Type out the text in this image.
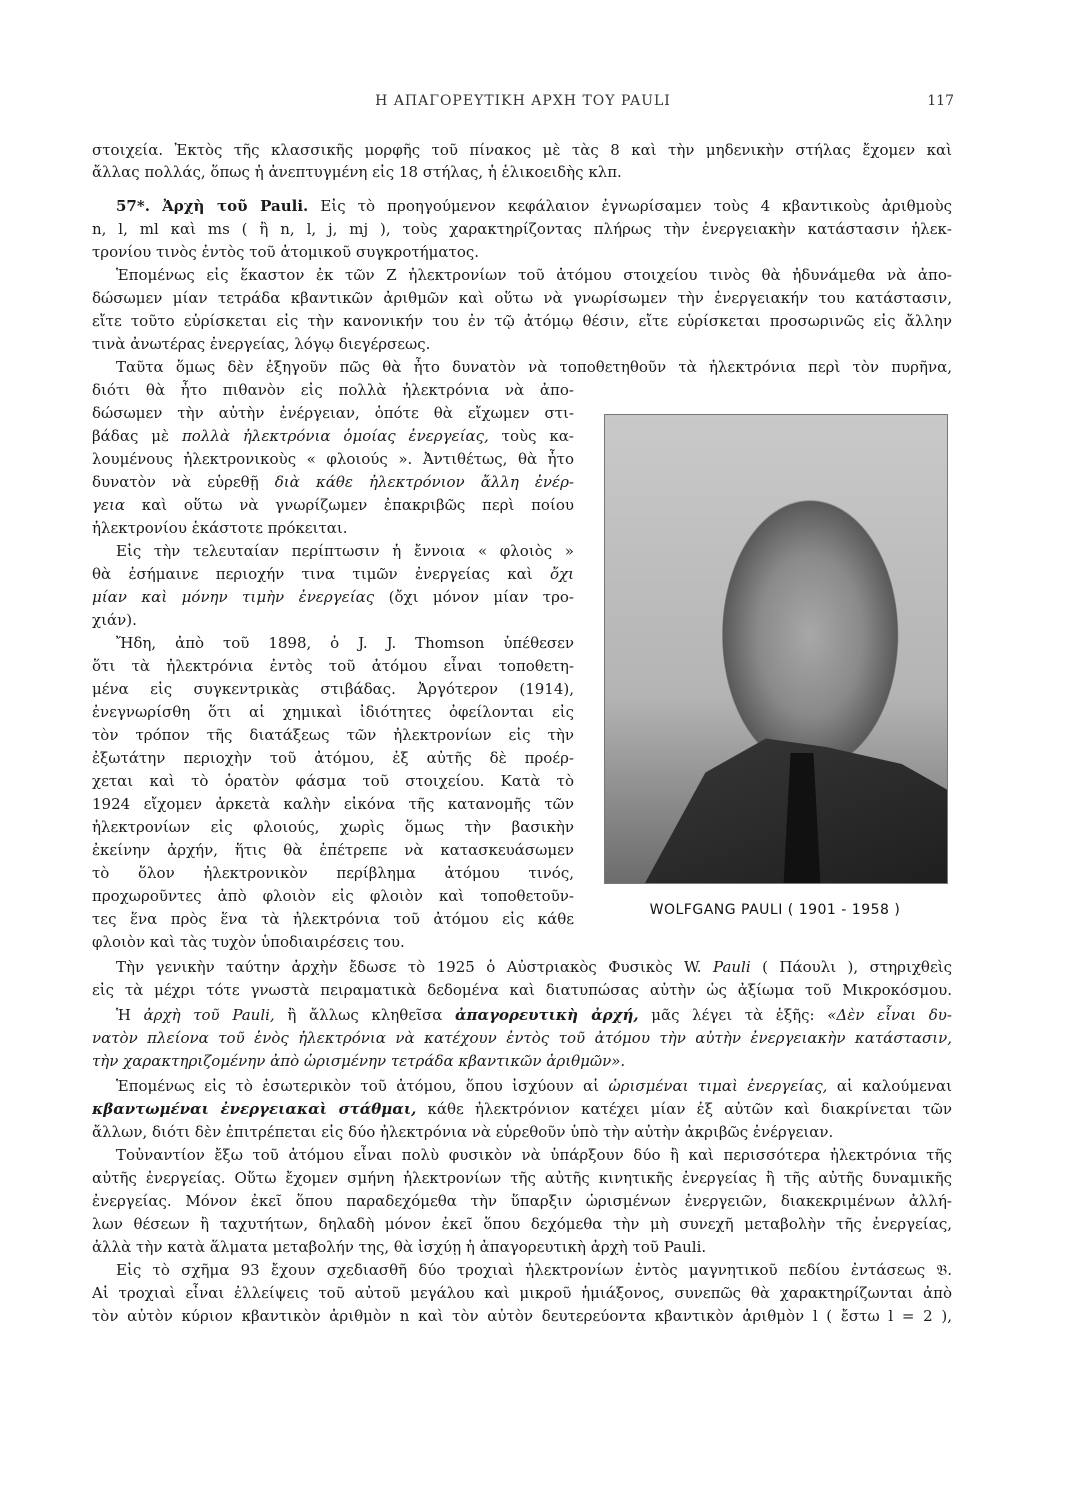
Η ΑΠΑΓΟΡΕΥΤΙΚΗ ΑΡΧΗ ΤΟΥ PAULI	117
στοιχεία. Ἐκτὸς τῆς κλασσικῆς μορφῆς τοῦ πίνακος μὲ τὰς 8 καὶ τὴν μηδενικὴν στήλας ἔχομεν καὶ
ἄλλας πολλάς, ὅπως ἡ ἀνεπτυγμένη εἰς 18 στήλας, ἡ ἑλικοειδὴς κλπ.
57*. Ἀρχὴ τοῦ Pauli. Εἰς τὸ προηγούμενον κεφάλαιον ἐγνωρίσαμεν τοὺς 4 κβαντικοὺς ἀριθμοὺς
n, l, ml καὶ ms ( ἢ n, l, j, mj ), τοὺς χαρακτηρίζοντας πλήρως τὴν ἐνεργειακὴν κατάστασιν ἠλεκ-
τρονίου τινὸς ἐντὸς τοῦ ἀτομικοῦ συγκροτήματος.
Ἑπομένως εἰς ἕκαστον ἐκ τῶν Ζ ἠλεκτρονίων τοῦ ἀτόμου στοιχείου τινὸς θὰ ἠδυνάμεθα νὰ ἀπο-
δώσωμεν μίαν τετράδα κβαντικῶν ἀριθμῶν καὶ οὕτω νὰ γνωρίσωμεν τὴν ἐνεργειακήν του κατάστασιν,
εἴτε τοῦτο εὑρίσκεται εἰς τὴν κανονικήν του ἐν τῷ ἀτόμῳ θέσιν, εἴτε εὑρίσκεται προσωρινῶς εἰς ἄλλην
τινὰ ἀνωτέρας ἐνεργείας, λόγῳ διεγέρσεως.
Ταῦτα ὅμως δὲν ἐξηγοῦν πῶς θὰ ἦτο δυνατὸν νὰ τοποθετηθοῦν τὰ ἠλεκτρόνια περὶ τὸν πυρῆνα,
διότι θὰ ἦτο πιθανὸν εἰς πολλὰ ἠλεκτρόνια νὰ ἀπο-
δώσωμεν τὴν αὐτὴν ἐνέργειαν, ὁπότε θὰ εἴχωμεν στι-
βάδας μὲ πολλὰ ἠλεκτρόνια ὁμοίας ἐνεργείας, τοὺς κα-
λουμένους ἠλεκτρονικοὺς « φλοιούς ». Ἀντιθέτως, θὰ ἦτο
δυνατὸν νὰ εὑρεθῇ διὰ κάθε ἠλεκτρόνιον ἄλλη ἐνέρ-
γεια καὶ οὕτω νὰ γνωρίζωμεν ἐπακριβῶς περὶ ποίου
ἠλεκτρονίου ἑκάστοτε πρόκειται.
Εἰς τὴν τελευταίαν περίπτωσιν ἡ ἔννοια « φλοιὸς »
θὰ ἐσήμαινε περιοχήν τινα τιμῶν ἐνεργείας καὶ ὄχι
μίαν καὶ μόνην τιμὴν ἐνεργείας (ὄχι μόνον μίαν τρο-
χιάν).
Ἤδη, ἀπὸ τοῦ 1898, ὁ J. J. Thomson ὑπέθεσεν
ὅτι τὰ ἠλεκτρόνια ἐντὸς τοῦ ἀτόμου εἶναι τοποθετη-
μένα εἰς συγκεντρικὰς στιβάδας. Ἀργότερον (1914),
ἐνεγνωρίσθη ὅτι αἱ χημικαὶ ἰδιότητες ὀφείλονται εἰς
τὸν τρόπον τῆς διατάξεως τῶν ἠλεκτρονίων εἰς τὴν
ἐξωτάτην περιοχὴν τοῦ ἀτόμου, ἐξ αὐτῆς δὲ προέρ-
χεται καὶ τὸ ὁρατὸν φάσμα τοῦ στοιχείου. Κατὰ τὸ
1924 εἴχομεν ἀρκετὰ καλὴν εἰκόνα τῆς κατανομῆς τῶν
ἠλεκτρονίων εἰς φλοιούς, χωρὶς ὅμως τὴν βασικὴν
ἐκείνην ἀρχήν, ἥτις θὰ ἐπέτρεπε νὰ κατασκευάσωμεν
τὸ ὅλον ἠλεκτρονικὸν περίβλημα ἀτόμου τινός,
προχωροῦντες ἀπὸ φλοιὸν εἰς φλοιὸν καὶ τοποθετοῦν-
τες ἕνα πρὸς ἕνα τὰ ἠλεκτρόνια τοῦ ἀτόμου εἰς κάθε
φλοιὸν καὶ τὰς τυχὸν ὑποδιαιρέσεις του.
Τὴν γενικὴν ταύτην ἀρχὴν ἔδωσε τὸ 1925 ὁ Αὐστριακὸς Φυσικὸς W. Pauli ( Πάουλι ), στηριχθεὶς
εἰς τὰ μέχρι τότε γνωστὰ πειραματικὰ δεδομένα καὶ διατυπώσας αὐτὴν ὡς ἀξίωμα τοῦ Μικροκόσμου.
Ἡ ἀρχὴ τοῦ Pauli, ἢ ἄλλως κληθεῖσα ἀπαγορευτικὴ ἀρχή, μᾶς λέγει τὰ ἑξῆς: «Δὲν εἶναι δυ-
νατὸν πλείονα τοῦ ἑνὸς ἠλεκτρόνια νὰ κατέχουν ἐντὸς τοῦ ἀτόμου τὴν αὐτὴν ἐνεργειακὴν κατάστασιν,
τὴν χαρακτηριζομένην ἀπὸ ὡρισμένην τετράδα κβαντικῶν ἀριθμῶν».
Ἑπομένως εἰς τὸ ἐσωτερικὸν τοῦ ἀτόμου, ὅπου ἰσχύουν αἱ ὡρισμέναι τιμαὶ ἐνεργείας, αἱ καλούμεναι
κβαντωμέναι ἐνεργειακαὶ στάθμαι, κάθε ἠλεκτρόνιον κατέχει μίαν ἐξ αὐτῶν καὶ διακρίνεται τῶν
ἄλλων, διότι δὲν ἐπιτρέπεται εἰς δύο ἠλεκτρόνια νὰ εὑρεθοῦν ὑπὸ τὴν αὐτὴν ἀκριβῶς ἐνέργειαν.
Τοὐναντίον ἔξω τοῦ ἀτόμου εἶναι πολὺ φυσικὸν νὰ ὑπάρξουν δύο ἢ καὶ περισσότερα ἠλεκτρόνια τῆς
αὐτῆς ἐνεργείας. Οὕτω ἔχομεν σμήνη ἠλεκτρονίων τῆς αὐτῆς κινητικῆς ἐνεργείας ἢ τῆς αὐτῆς δυναμικῆς
ἐνεργείας. Μόνον ἐκεῖ ὅπου παραδεχόμεθα τὴν ὕπαρξιν ὡρισμένων ἐνεργειῶν, διακεκριμένων ἀλλή-
λων θέσεων ἢ ταχυτήτων, δηλαδὴ μόνον ἐκεῖ ὅπου δεχόμεθα τὴν μὴ συνεχῆ μεταβολὴν τῆς ἐνεργείας,
ἀλλὰ τὴν κατὰ ἅλματα μεταβολήν της, θὰ ἰσχύῃ ἡ ἀπαγορευτικὴ ἀρχὴ τοῦ Pauli.
Εἰς τὸ σχῆμα 93 ἔχουν σχεδιασθῆ δύο τροχιαὶ ἠλεκτρονίων ἐντὸς μαγνητικοῦ πεδίου ἐντάσεως 𝔅.
Αἱ τροχιαὶ εἶναι ἐλλείψεις τοῦ αὐτοῦ μεγάλου καὶ μικροῦ ἡμιάξονος, συνεπῶς θὰ χαρακτηρίζωνται ἀπὸ
τὸν αὐτὸν κύριον κβαντικὸν ἀριθμὸν n καὶ τὸν αὐτὸν δευτερεύοντα κβαντικὸν ἀριθμὸν l ( ἔστω l = 2 ),
WOLFGANG PAULI ( 1901 - 1958 )
